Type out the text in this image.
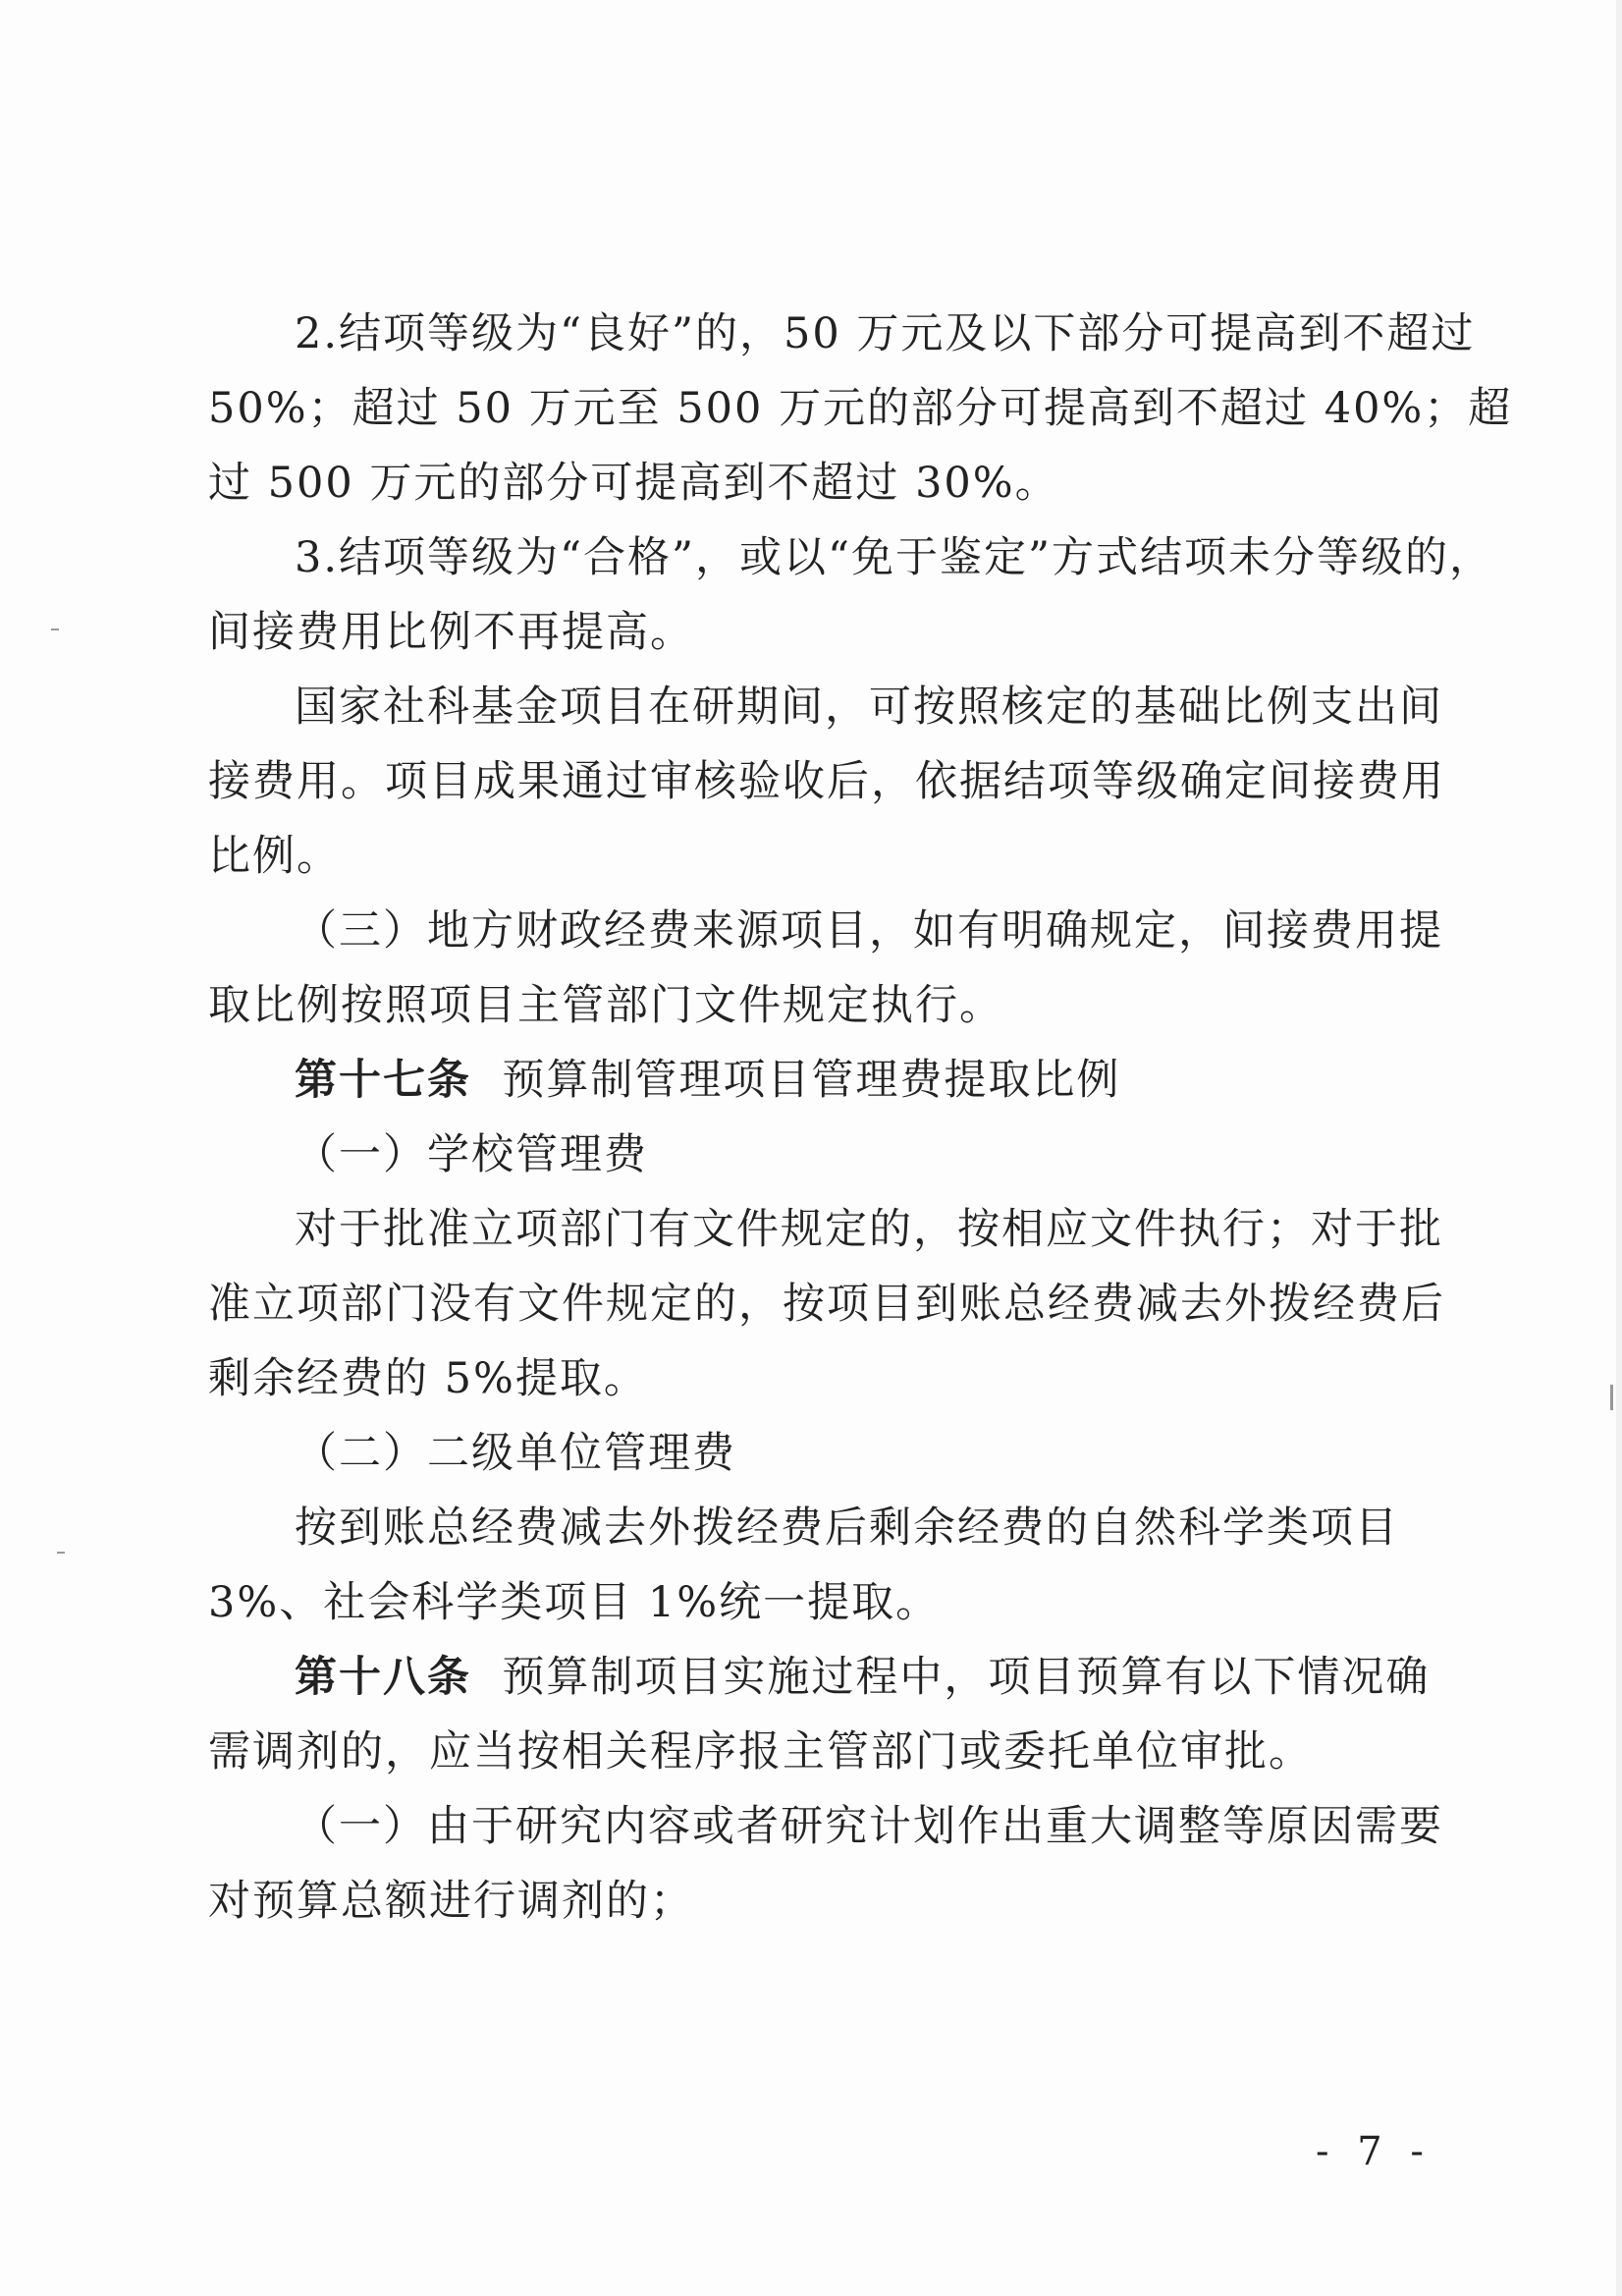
2.结项等级为“良好”的，50 万元及以下部分可提高到不超过
50%；超过 50 万元至 500 万元的部分可提高到不超过 40%；超
过 500 万元的部分可提高到不超过 30%。
3.结项等级为“合格”，或以“免于鉴定”方式结项未分等级的，
间接费用比例不再提高。
国家社科基金项目在研期间，可按照核定的基础比例支出间
接费用。项目成果通过审核验收后，依据结项等级确定间接费用
比例。
（三）地方财政经费来源项目，如有明确规定，间接费用提
取比例按照项目主管部门文件规定执行。
第十七条 预算制管理项目管理费提取比例
（一）学校管理费
对于批准立项部门有文件规定的，按相应文件执行；对于批
准立项部门没有文件规定的，按项目到账总经费减去外拨经费后
剩余经费的 5%提取。
（二）二级单位管理费
按到账总经费减去外拨经费后剩余经费的自然科学类项目
3%、社会科学类项目 1%统一提取。
第十八条 预算制项目实施过程中，项目预算有以下情况确
需调剂的，应当按相关程序报主管部门或委托单位审批。
（一）由于研究内容或者研究计划作出重大调整等原因需要
对预算总额进行调剂的；
- 7 -
